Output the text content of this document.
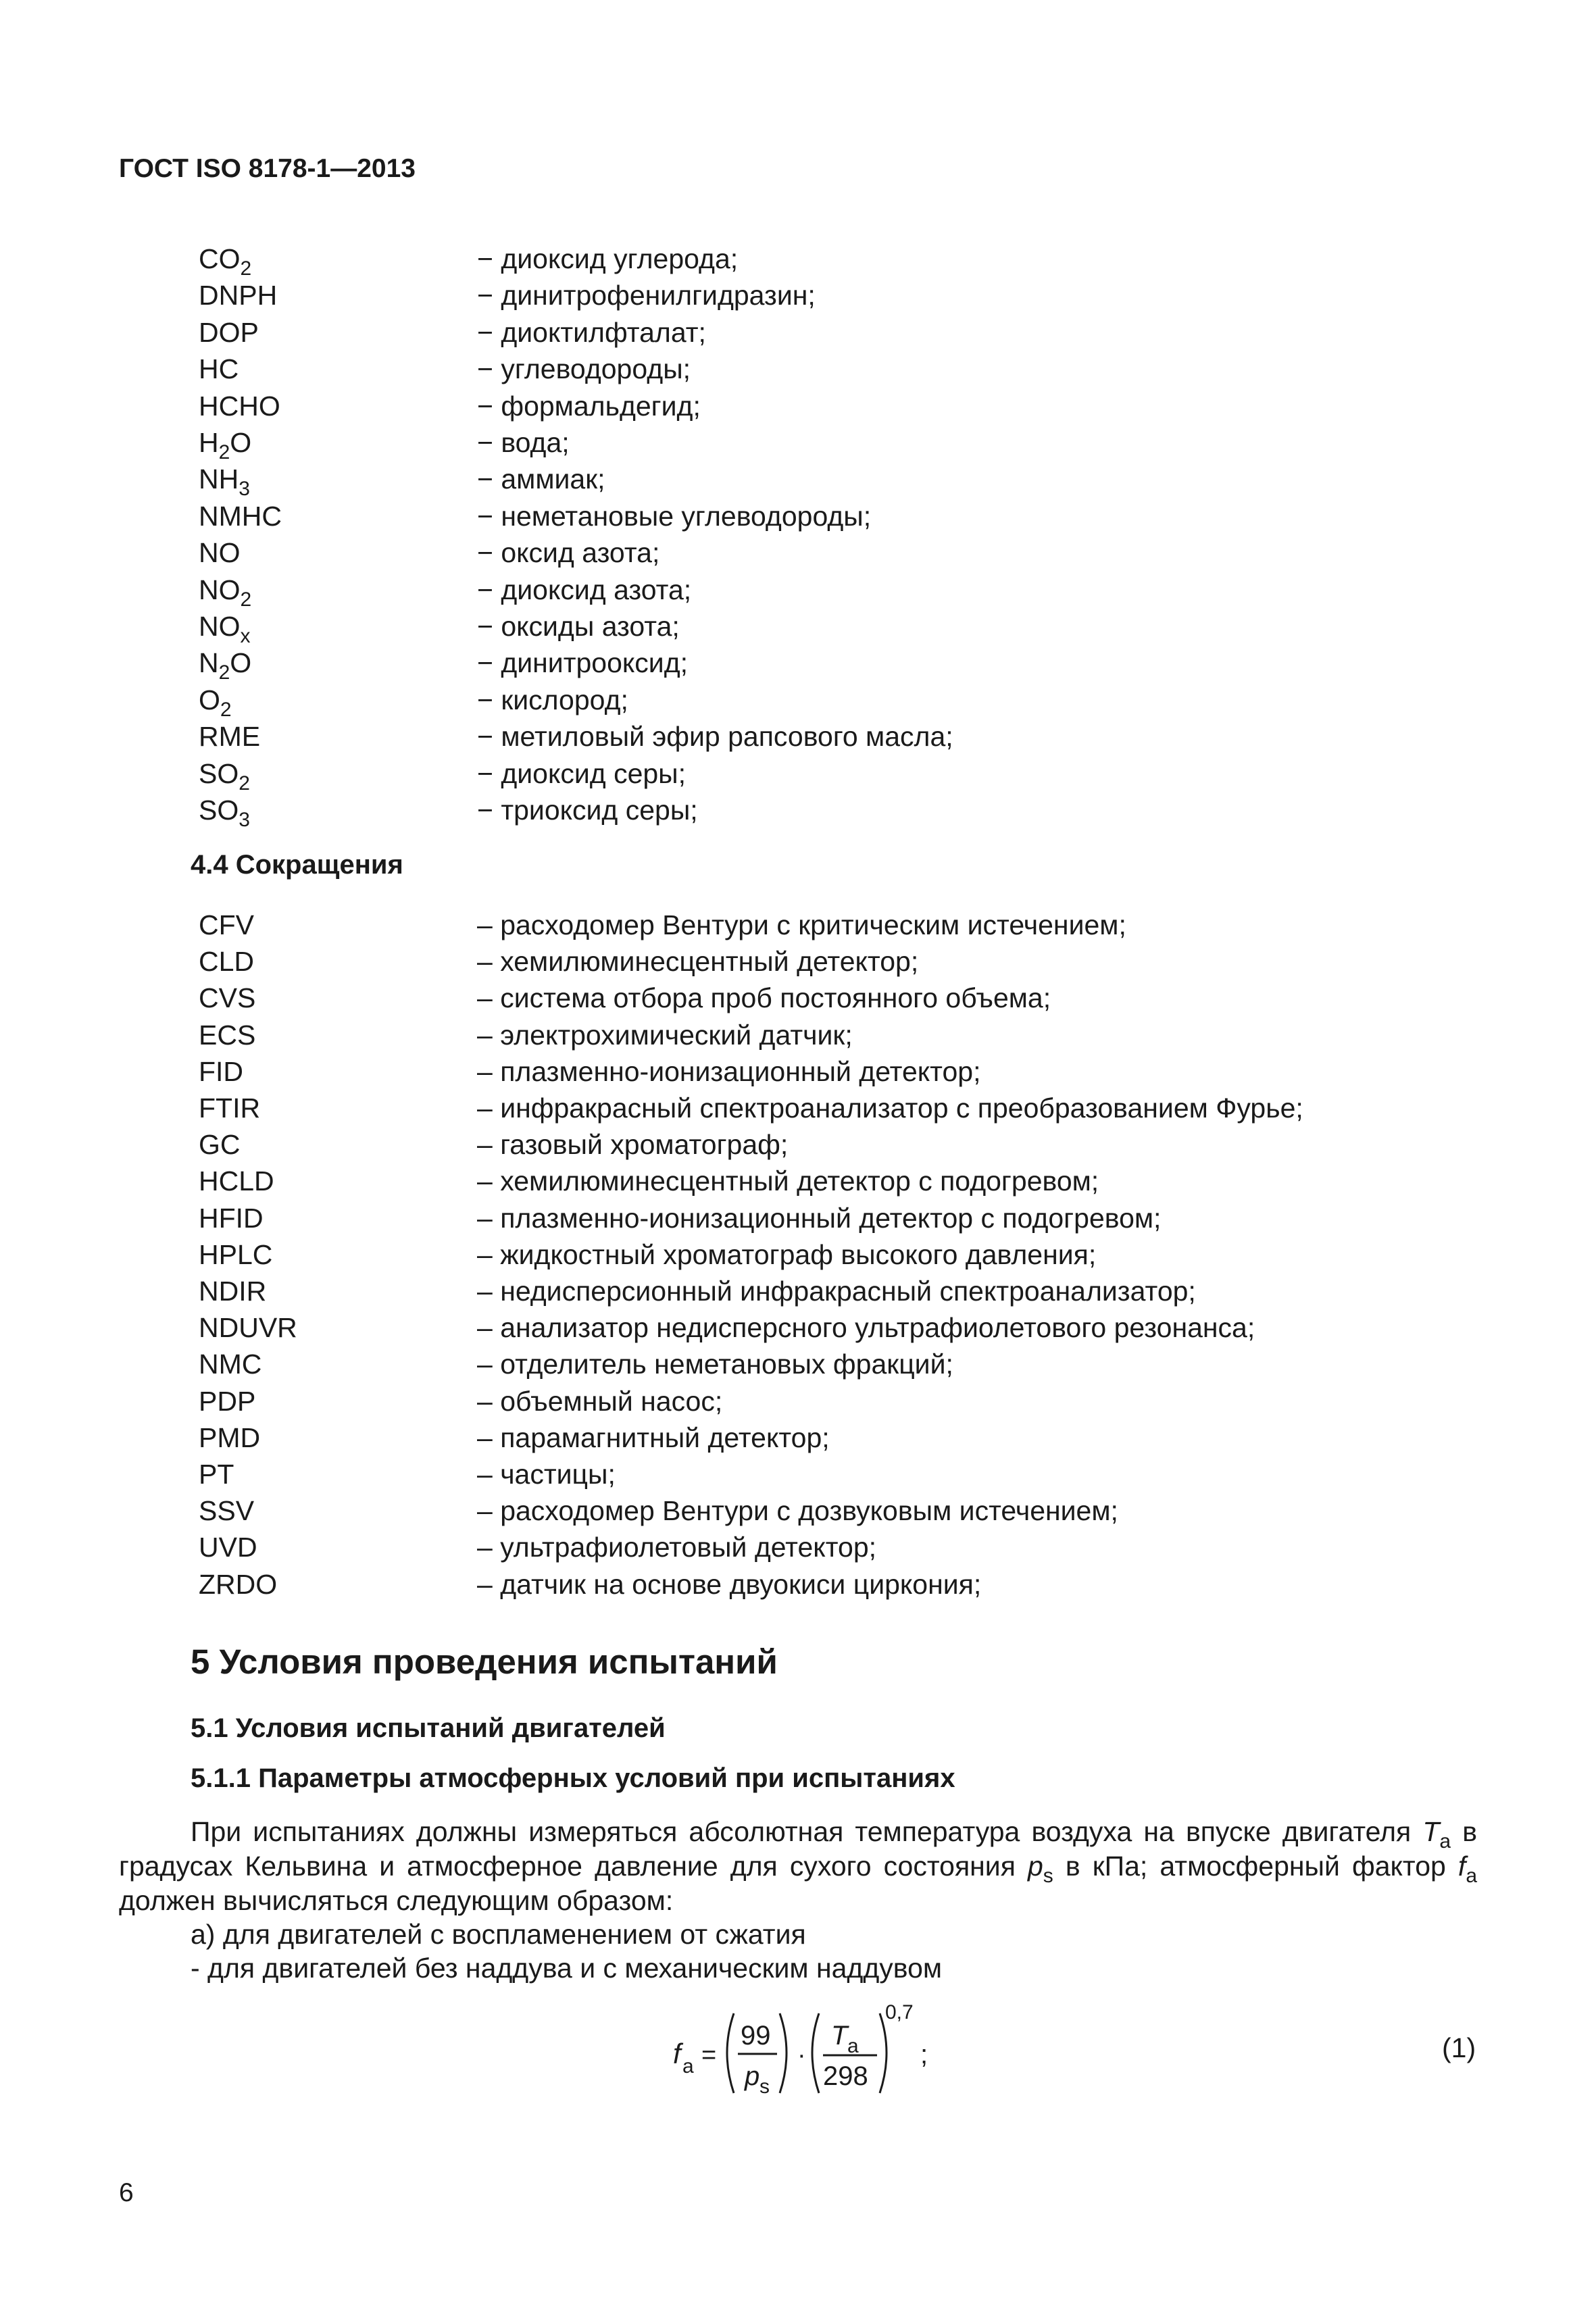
ГОСТ ISO 8178-1—2013
$CO_2$	− диоксид углерода;
DNPH	− динитрофенилгидразин;
DOP	− диоктилфталат;
HC	− углеводороды;
HCHO	− формальдегид;
$H_2O$	− вода;
$NH_3$	− аммиак;
NMHC	− неметановые углеводороды;
NO	− оксид азота;
$NO_2$	− диоксид азота;
$NO_x$	− оксиды азота;
$N_2O$	− динитрооксид;
$O_2$	− кислород;
RME	− метиловый эфир рапсового масла;
$SO_2$	− диоксид серы;
$SO_3$	− триоксид серы;
4.4 Сокращения
CFV	– расходомер Вентури с критическим истечением;
CLD	– хемилюминесцентный детектор;
CVS	– система отбора проб постоянного объема;
ECS	– электрохимический датчик;
FID	– плазменно-ионизационный детектор;
FTIR	– инфракрасный спектроанализатор с преобразованием Фурье;
GC	– газовый хроматограф;
HCLD	– хемилюминесцентный детектор с подогревом;
HFID	– плазменно-ионизационный детектор с подогревом;
HPLC	– жидкостный хроматограф высокого давления;
NDIR	– недисперсионный инфракрасный спектроанализатор;
NDUVR	– анализатор недисперсного ультрафиолетового резонанса;
NMC	– отделитель неметановых фракций;
PDP	– объемный насос;
PMD	– парамагнитный детектор;
PT	– частицы;
SSV	– расходомер Вентури с дозвуковым истечением;
UVD	– ультрафиолетовый детектор;
ZRDO	– датчик на основе двуокиси циркония;
5 Условия проведения испытаний
5.1 Условия испытаний двигателей
5.1.1 Параметры атмосферных условий при испытаниях
При испытаниях должны измеряться абсолютная температура воздуха на впуске двигателя $T_a$ в градусах Кельвина и атмосферное давление для сухого состояния $p_s$ в кПа; атмосферный фактор $f_a$ должен вычисляться следующим образом:
а) для двигателей с воспламенением от сжатия
- для двигателей без наддува и с механическим наддувом
f a =
99
p s
·
T a
298
0,7
;	(1)
6
